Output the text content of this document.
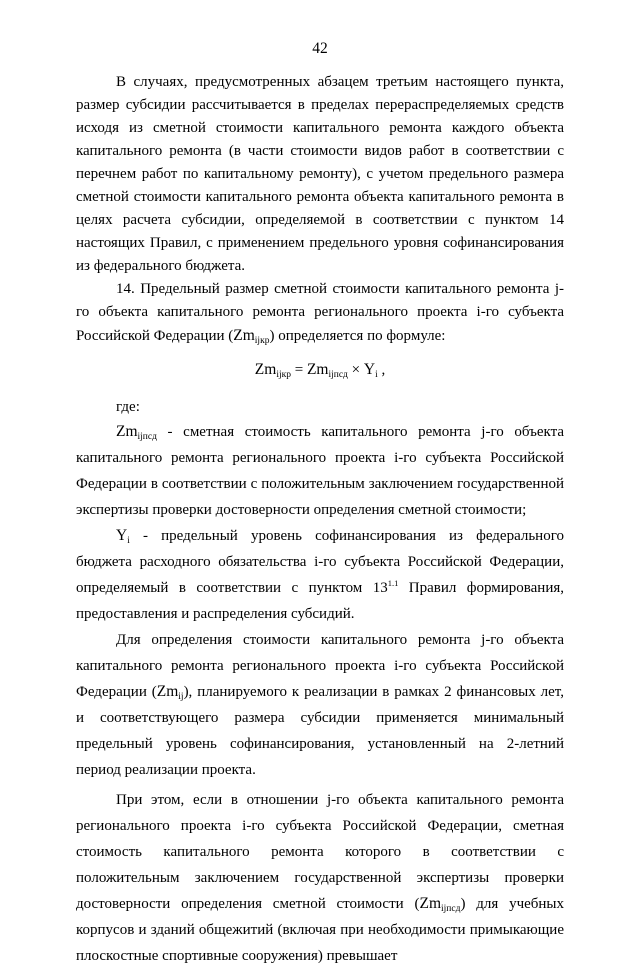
42

В случаях, предусмотренных абзацем третьим настоящего пункта, размер субсидии рассчитывается в пределах перераспределяемых средств исходя из сметной стоимости капитального ремонта каждого объекта капитального ремонта (в части стоимости видов работ в соответствии с перечнем работ по капитальному ремонту), с учетом предельного размера сметной стоимости капитального ремонта объекта капитального ремонта в целях расчета субсидии, определяемой в соответствии с пунктом 14 настоящих Правил, с применением предельного уровня софинансирования из федерального бюджета.

14. Предельный размер сметной стоимости капитального ремонта j-го объекта капитального ремонта регионального проекта i-го субъекта Российской Федерации $(Zm_{ijкр})$ определяется по формуле:

$Zm_{ijкр} = Zm_{ijпсд} \times Y_i$ ,

где:

$Zm_{ijпсд}$ - сметная стоимость капитального ремонта j-го объекта капитального ремонта регионального проекта i-го субъекта Российской Федерации в соответствии с положительным заключением государственной экспертизы проверки достоверности определения сметной стоимости;

$Y_i$ - предельный уровень софинансирования из федерального бюджета расходного обязательства i-го субъекта Российской Федерации, определяемый в соответствии с пунктом $13^{1.1}$ Правил формирования, предоставления и распределения субсидий.

Для определения стоимости капитального ремонта j-го объекта капитального ремонта регионального проекта i-го субъекта Российской Федерации $(Zm_{ij})$, планируемого к реализации в рамках 2 финансовых лет, и соответствующего размера субсидии применяется минимальный предельный уровень софинансирования, установленный на 2-летний период реализации проекта.

При этом, если в отношении j-го объекта капитального ремонта регионального проекта i-го субъекта Российской Федерации, сметная стоимость капитального ремонта которого в соответствии с положительным заключением государственной экспертизы проверки достоверности определения сметной стоимости $(Zm_{ijпсд})$ для учебных корпусов и зданий общежитий (включая при необходимости примыкающие плоскостные спортивные сооружения) превышает
